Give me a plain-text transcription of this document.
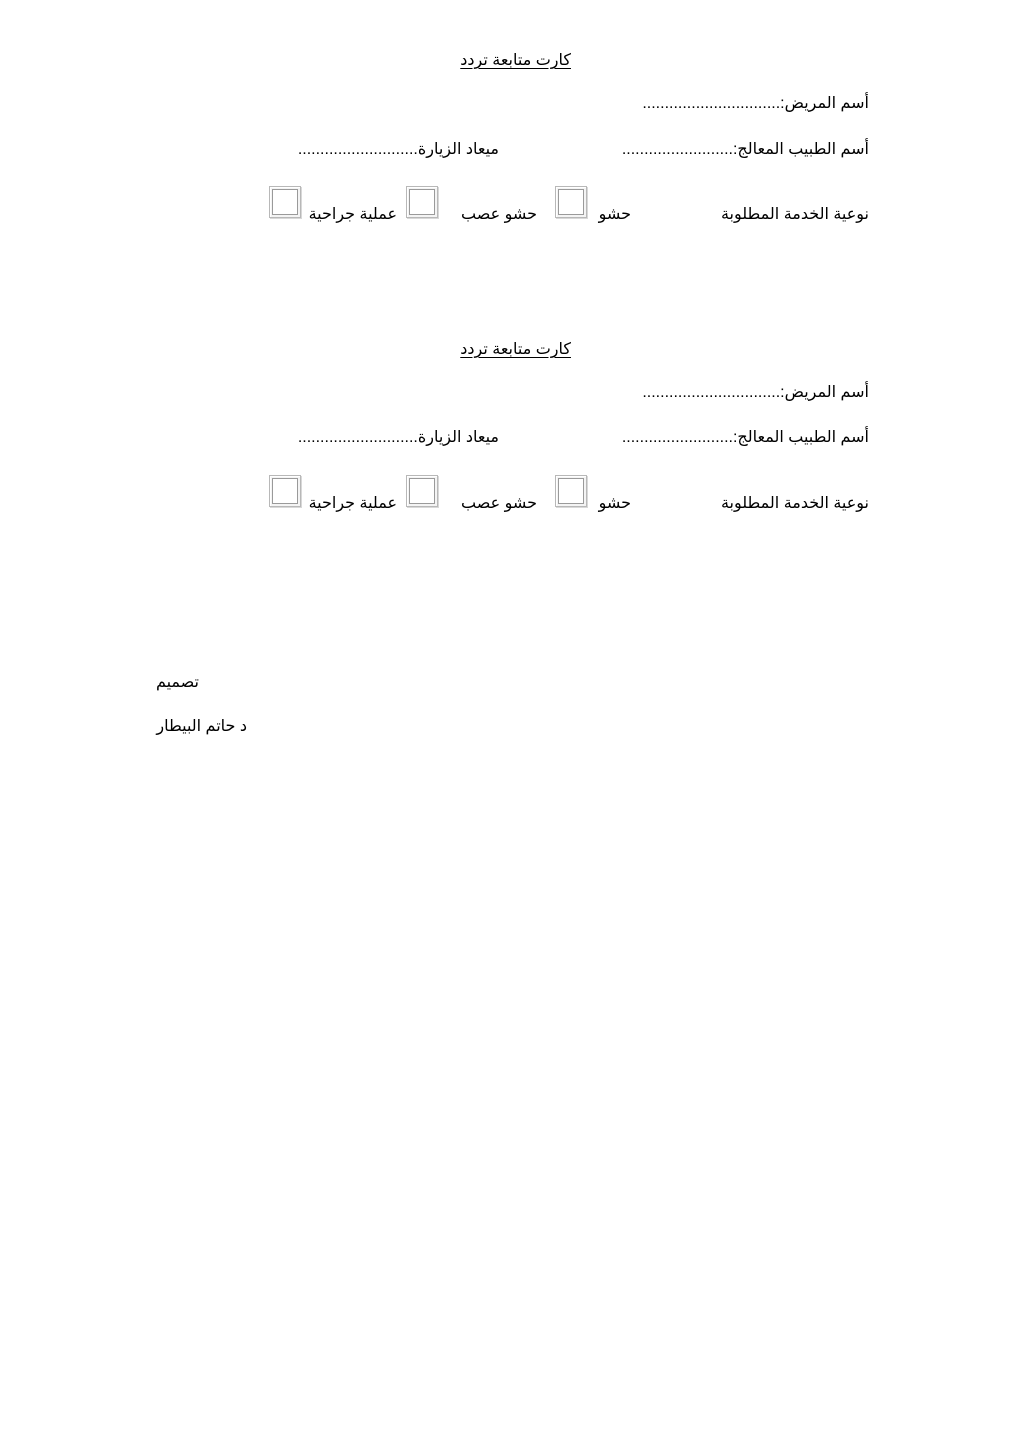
كارت متابعة تردد
أسم المريض:...............................
أسم الطبيب المعالج:.........................
ميعاد الزيارة...........................
نوعية الخدمة المطلوبة
حشو
حشو عصب
عملية جراحية
كارت متابعة تردد
أسم المريض:...............................
أسم الطبيب المعالج:.........................
ميعاد الزيارة...........................
نوعية الخدمة المطلوبة
حشو
حشو عصب
عملية جراحية
تصميم
د حاتم البيطار
